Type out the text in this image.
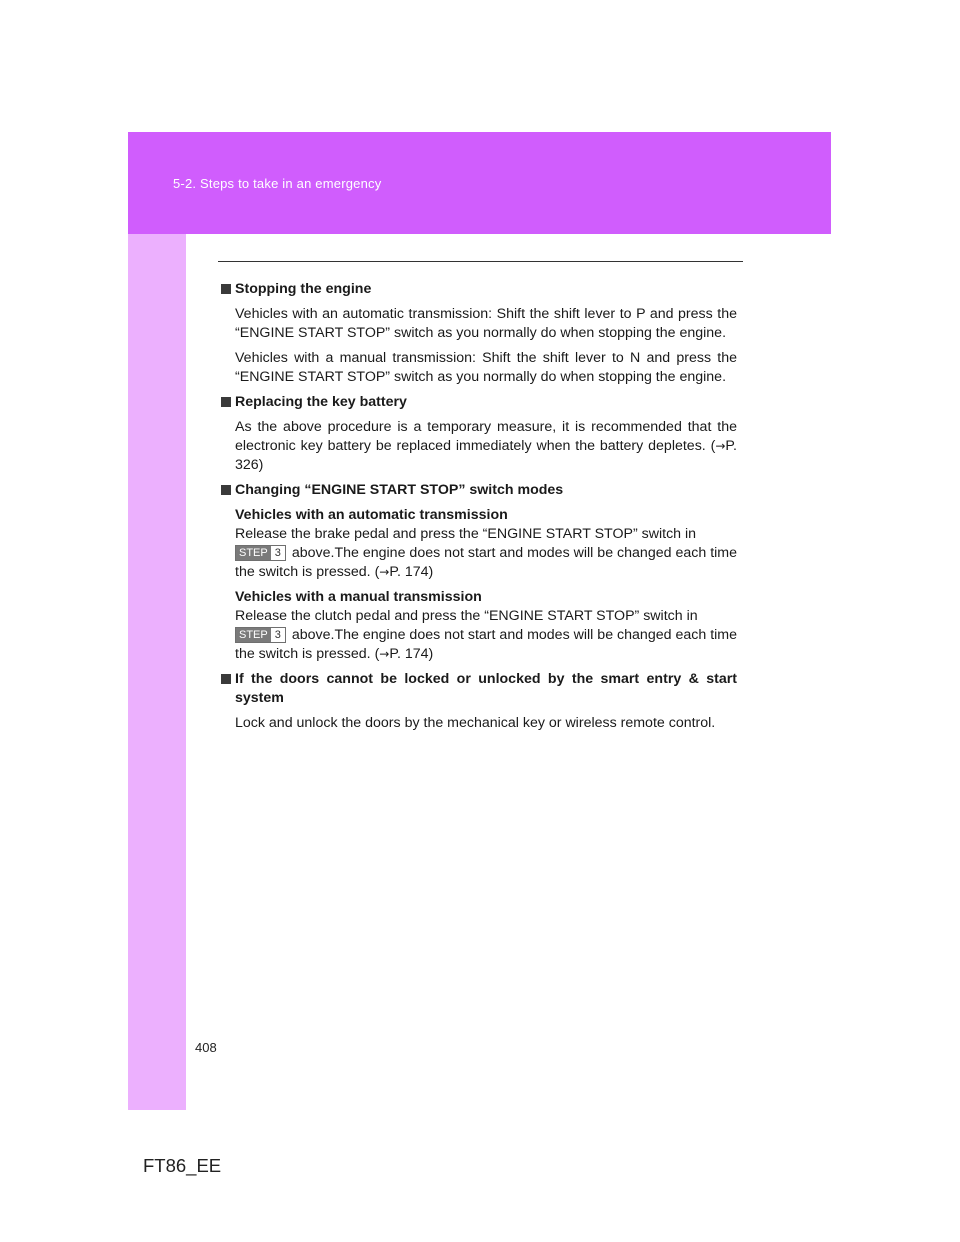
5-2. Steps to take in an emergency
Stopping the engine
Vehicles with an automatic transmission: Shift the shift lever to P and press the “ENGINE START STOP” switch as you normally do when stopping the engine.
Vehicles with a manual transmission: Shift the shift lever to N and press the “ENGINE START STOP” switch as you normally do when stopping the engine.
Replacing the key battery
As the above procedure is a temporary measure, it is recommended that the electronic key battery be replaced immediately when the battery depletes. (→P. 326)
Changing “ENGINE START STOP” switch modes
Vehicles with an automatic transmission
Release the brake pedal and press the “ENGINE START STOP” switch in

STEP 3 above.The engine does not start and modes will be changed each time the switch is pressed. (→P. 174)
Vehicles with a manual transmission
Release the clutch pedal and press the “ENGINE START STOP” switch in

STEP 3 above.The engine does not start and modes will be changed each time the switch is pressed. (→P. 174)
If the doors cannot be locked or unlocked by the smart entry & start system
Lock and unlock the doors by the mechanical key or wireless remote control.
408
FT86_EE
